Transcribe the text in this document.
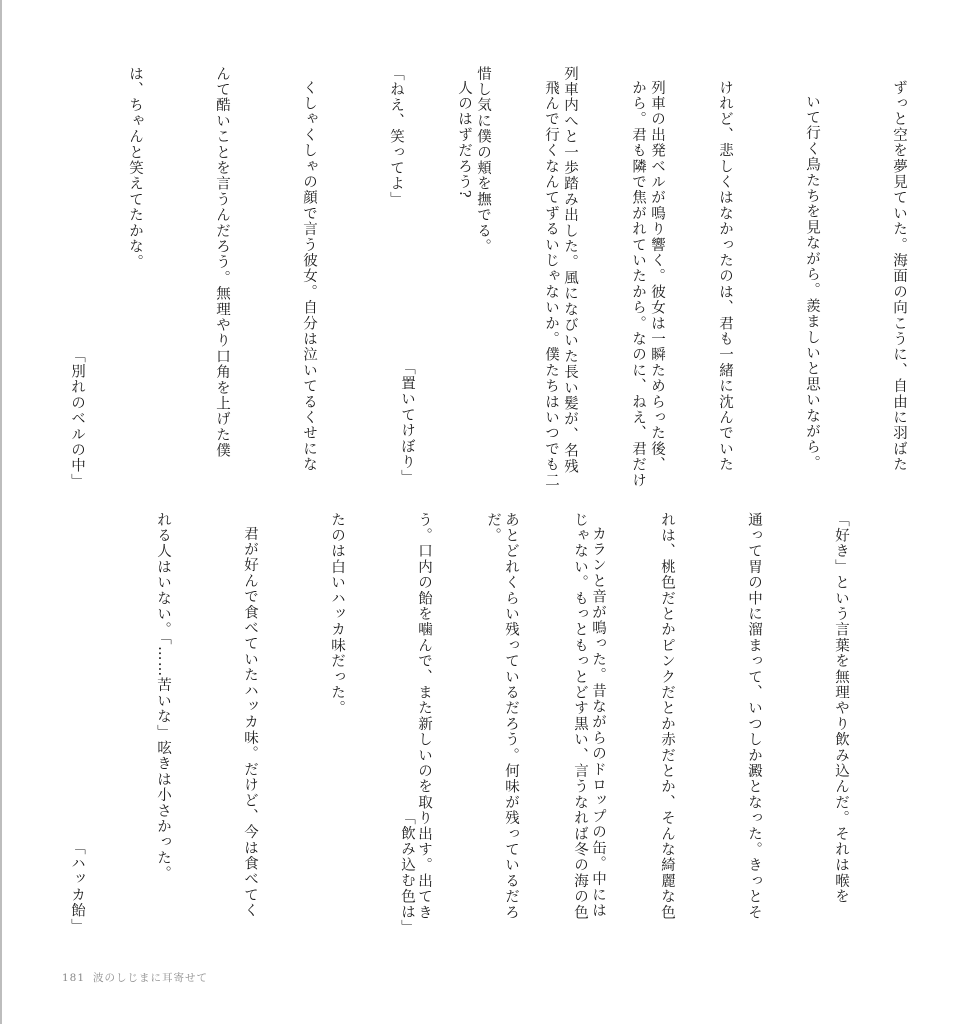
ずっと空を夢見ていた。海面の向こうに、自由に羽ばた

いて行く鳥たちを見ながら。羨ましいと思いながら。

けれど、悲しくはなかったのは、君も一緒に沈んでいた

から。君も隣で焦がれていたから。なのに、ねえ、君だけ

飛んで行くなんてずるいじゃないか。僕たちはいつでも二

人のはずだろう?

「置いてけぼり」

「好き」という言葉を無理やり飲み込んだ。それは喉を

通って胃の中に溜まって、いつしか澱となった。きっとそ

れは、桃色だとかピンクだとか赤だとか、そんな綺麗な色

じゃない。もっともっとどす黒い、言うなれば冬の海の色

だ。

「飲み込む色は」

列車の出発ベルが鳴り響く。彼女は一瞬ためらった後、

列車内へと一歩踏み出した。風になびいた長い髪が、名残

惜し気に僕の頬を撫でる。

「ねえ、笑ってよ」

くしゃくしゃの顔で言う彼女。自分は泣いてるくせにな

んて酷いことを言うんだろう。無理やり口角を上げた僕

は、ちゃんと笑えてたかな。

「別れのベルの中」

カランと音が鳴った。昔ながらのドロップの缶。中には

あとどれくらい残っているだろう。何味が残っているだろ

う。口内の飴を噛んで、また新しいのを取り出す。出てき

たのは白いハッカ味だった。

君が好んで食べていたハッカ味。だけど、今は食べてく

れる人はいない。「……苦いな」呟きは小さかった。

「ハッカ飴」
181 波のしじまに耳寄せて
